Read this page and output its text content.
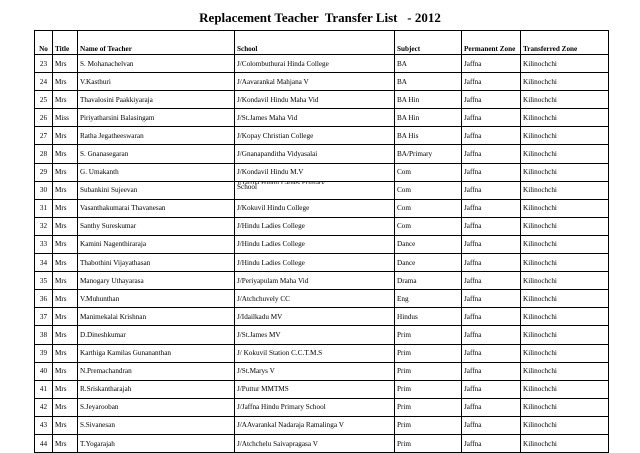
Replacement Teacher  Transfer List   - 2012
No	Title	Name of Teacher	School	Subject	Permanent Zone	Transferred Zone
23	Mrs	S. Mohanachelvan	J/Colombuthurai Hinda College	BA	Jaffna	Kilinochchi
24	Mrs	V.Kasthuri	J/Aavarankal Mahjana V	BA	Jaffna	Kilinochchi
25	Mrs	Thavalosini Paakkiyaraja	J/Kondavil Hindu Maha Vid	BA Hin	Jaffna	Kilinochchi
26	Miss	Piriyatharsini Balasingam	J/St.James Maha Vid	BA Hin	Jaffna	Kilinochchi
27	Mrs	Ratha Jegatheeswaran	J/Kopay Christian College	BA His	Jaffna	Kilinochchi
28	Mrs	S. Gnanasegaran	J/Gnanapanditha Vidyasalai	BA/Primary	Jaffna	Kilinochchi
29	Mrs	G. Umakanth	J/Kondavil Hindu M.V	Com	Jaffna	Kilinochchi
30	Mrs	Subankini Sujeevan	School	Com	Jaffna	Kilinochchi
31	Mrs	Vasanthakumarai Thavanesan	J/Kokuvil Hindu College	Com	Jaffna	Kilinochchi
32	Mrs	Santhy Sureskumar	J/Hindu Ladies College	Com	Jaffna	Kilinochchi
33	Mrs	Kamini Nagenthiraraja	J/Hindu Ladies College	Dance	Jaffna	Kilinochchi
34	Mrs	Thabothini Vijayathasan	J/Hindu Ladies College	Dance	Jaffna	Kilinochchi
35	Mrs	Manogary Uthayarasa	J/Periyapulam Maha Vid	Drama	Jaffna	Kilinochchi
36	Mrs	V.Muhunthan	J/Atchchuvely CC	Eng	Jaffna	Kilinochchi
37	Mrs	Manimekalai Krishnan	J/Idailkadu MV	Hindus	Jaffna	Kilinochchi
38	Mrs	D.Dineshkumar	J/St.James MV	Prim	Jaffna	Kilinochchi
39	Mrs	Karthiga Kamilas Gunananthan	J/ Kokuvil Station C.C.T.M.S	Prim	Jaffna	Kilinochchi
40	Mrs	N.Premachandran	J/St.Marys V	Prim	Jaffna	Kilinochchi
41	Mrs	R.Sriskantharajah	J/Puttur MMTMS	Prim	Jaffna	Kilinochchi
42	Mrs	S.Jeyarooban	J/Jaffna Hindu Primary School	Prim	Jaffna	Kilinochchi
43	Mrs	S.Sivanesan	J/AAvarankal Nadaraja Ramalinga V	Prim	Jaffna	Kilinochchi
44	Mrs	T.Yogarajah	J/Atchchelu Saivapragasa V	Prim	Jaffna	Kilinochchi
